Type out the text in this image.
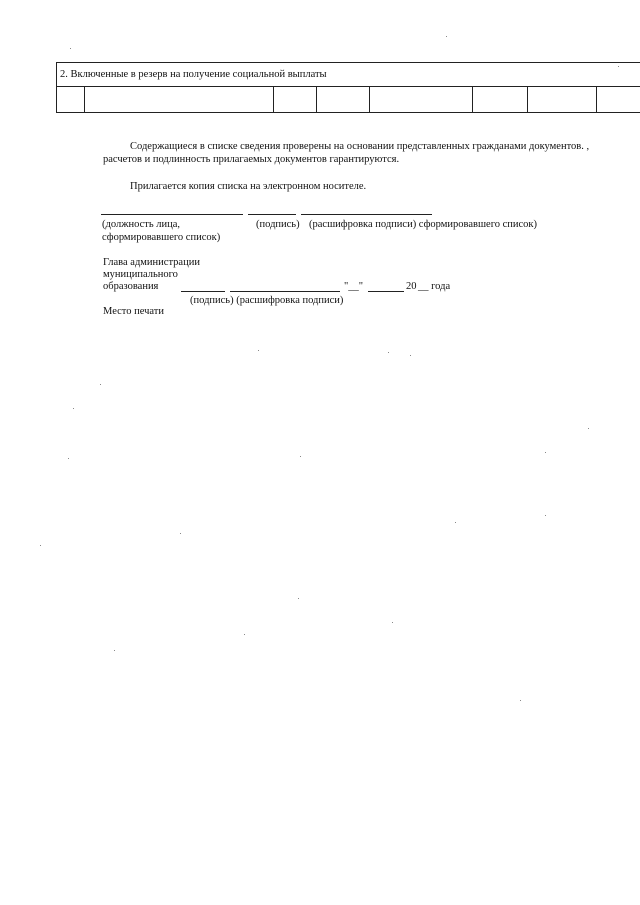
2. Включенные в резерв на получение социальной выплаты

Содержащиеся в списке сведения проверены на основании представленных гражданами документов. ,
расчетов и подлинность прилагаемых документов гарантируются.
Прилагается копия списка на электронном носителе.
(должность лица,	(подпись) (расшифровка подписи) сформировавшего список)
сформировавшего список)
Глава администрации
муниципального
образования	"__"	20 __ года
(подпись) (расшифровка подписи)
Место печати
